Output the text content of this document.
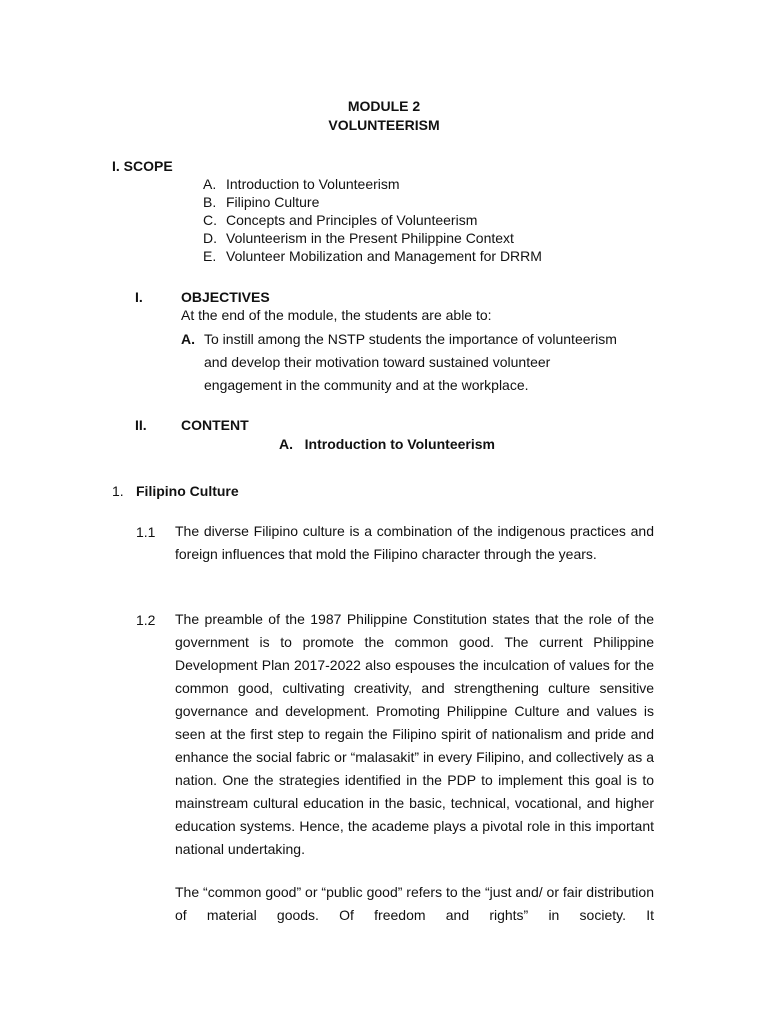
MODULE 2
VOLUNTEERISM
I. SCOPE
A. Introduction to Volunteerism
B. Filipino Culture
C. Concepts and Principles of Volunteerism
D. Volunteerism in the Present Philippine Context
E. Volunteer Mobilization and Management for DRRM
I.	OBJECTIVES
At the end of the module, the students are able to:
A. To instill among the NSTP students the importance of volunteerism
and develop their motivation toward sustained volunteer
engagement in the community and at the workplace.
II. CONTENT
A.   Introduction to Volunteerism
1. Filipino Culture
1.1 The diverse Filipino culture is a combination of the indigenous practices and foreign influences that mold the Filipino character through the years.
1.2 The preamble of the 1987 Philippine Constitution states that the role of the government is to promote the common good. The current Philippine Development Plan 2017-2022 also espouses the inculcation of values for the common good, cultivating creativity, and strengthening culture sensitive governance and development. Promoting Philippine Culture and values is seen at the first step to regain the Filipino spirit of nationalism and pride and enhance the social fabric or “malasakit” in every Filipino, and collectively as a nation. One the strategies identified in the PDP to implement this goal is to mainstream cultural education in the basic, technical, vocational, and higher education systems. Hence, the academe plays a pivotal role in this important national undertaking.
The “common good” or “public good” refers to the “just and/ or fair distribution of material goods. Of freedom and rights” in society. It
